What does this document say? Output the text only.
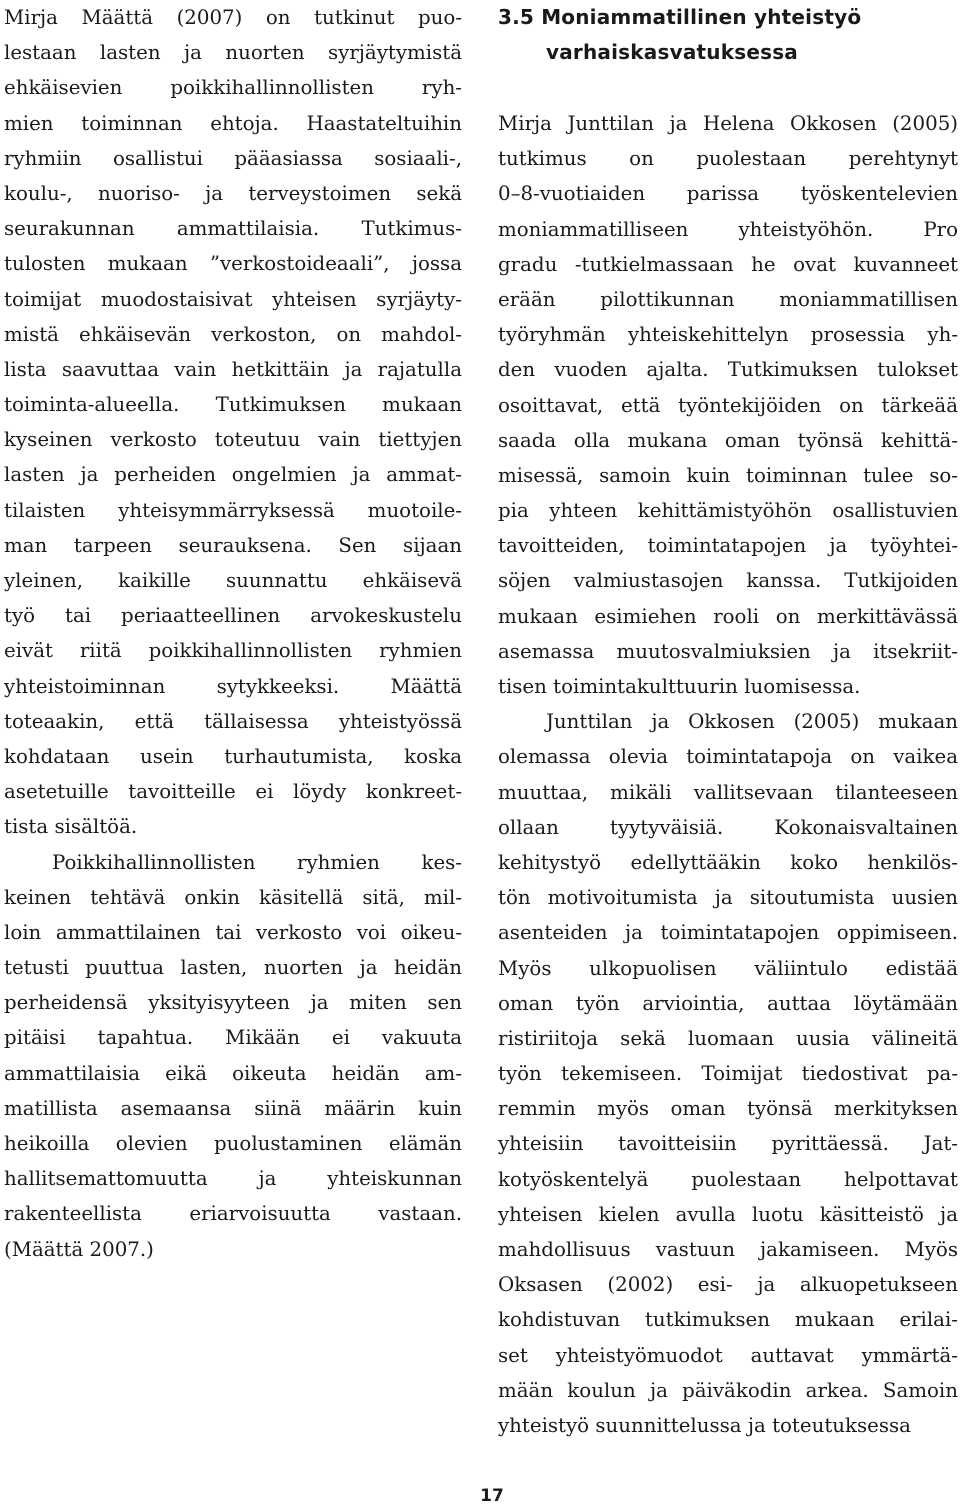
Mirja Määttä (2007) on tutkinut puo-
lestaan lasten ja nuorten syrjäytymistä
ehkäisevien poikkihallinnollisten ryh-
mien toiminnan ehtoja. Haastateltuihin
ryhmiin osallistui pääasiassa sosiaali-,
koulu-, nuoriso- ja terveystoimen sekä
seurakunnan ammattilaisia. Tutkimus-
tulosten mukaan ”verkostoideaali”, jossa
toimijat muodostaisivat yhteisen syrjäyty-
mistä ehkäisevän verkoston, on mahdol-
lista saavuttaa vain hetkittäin ja rajatulla
toiminta-alueella. Tutkimuksen mukaan
kyseinen verkosto toteutuu vain tiettyjen
lasten ja perheiden ongelmien ja ammat-
tilaisten yhteisymmärryksessä muotoile-
man tarpeen seurauksena. Sen sijaan
yleinen, kaikille suunnattu ehkäisevä
työ tai periaatteellinen arvokeskustelu
eivät riitä poikkihallinnollisten ryhmien
yhteistoiminnan sytykkeeksi. Määttä
toteaakin, että tällaisessa yhteistyössä
kohdataan usein turhautumista, koska
asetetuille tavoitteille ei löydy konkreet-
tista sisältöä.
Poikkihallinnollisten ryhmien kes-
keinen tehtävä onkin käsitellä sitä, mil-
loin ammattilainen tai verkosto voi oikeu-
tetusti puuttua lasten, nuorten ja heidän
perheidensä yksityisyyteen ja miten sen
pitäisi tapahtua. Mikään ei vakuuta
ammattilaisia eikä oikeuta heidän am-
matillista asemaansa siinä määrin kuin
heikoilla olevien puolustaminen elämän
hallitsemattomuutta ja yhteiskunnan
rakenteellista eriarvoisuutta vastaan.
(Määttä 2007.)
3.5 Moniammatillinen yhteistyö
varhaiskasvatuksessa
Mirja Junttilan ja Helena Okkosen (2005)
tutkimus on puolestaan perehtynyt
0–8-vuotiaiden parissa työskentelevien
moniammatilliseen yhteistyöhön. Pro
gradu -tutkielmassaan he ovat kuvanneet
erään pilottikunnan moniammatillisen
työryhmän yhteiskehittelyn prosessia yh-
den vuoden ajalta. Tutkimuksen tulokset
osoittavat, että työntekijöiden on tärkeää
saada olla mukana oman työnsä kehittä-
misessä, samoin kuin toiminnan tulee so-
pia yhteen kehittämistyöhön osallistuvien
tavoitteiden, toimintatapojen ja työyhtei-
söjen valmiustasojen kanssa. Tutkijoiden
mukaan esimiehen rooli on merkittävässä
asemassa muutosvalmiuksien ja itsekriit-
tisen toimintakulttuurin luomisessa.
Junttilan ja Okkosen (2005) mukaan
olemassa olevia toimintatapoja on vaikea
muuttaa, mikäli vallitsevaan tilanteeseen
ollaan tyytyväisiä. Kokonaisvaltainen
kehitystyö edellyttääkin koko henkilös-
tön motivoitumista ja sitoutumista uusien
asenteiden ja toimintatapojen oppimiseen.
Myös ulkopuolisen väliintulo edistää
oman työn arviointia, auttaa löytämään
ristiriitoja sekä luomaan uusia välineitä
työn tekemiseen. Toimijat tiedostivat pa-
remmin myös oman työnsä merkityksen
yhteisiin tavoitteisiin pyrittäessä. Jat-
kotyöskentelyä puolestaan helpottavat
yhteisen kielen avulla luotu käsitteistö ja
mahdollisuus vastuun jakamiseen. Myös
Oksasen (2002) esi- ja alkuopetukseen
kohdistuvan tutkimuksen mukaan erilai-
set yhteistyömuodot auttavat ymmärtä-
mään koulun ja päiväkodin arkea. Samoin
yhteistyö suunnittelussa ja toteutuksessa
17
